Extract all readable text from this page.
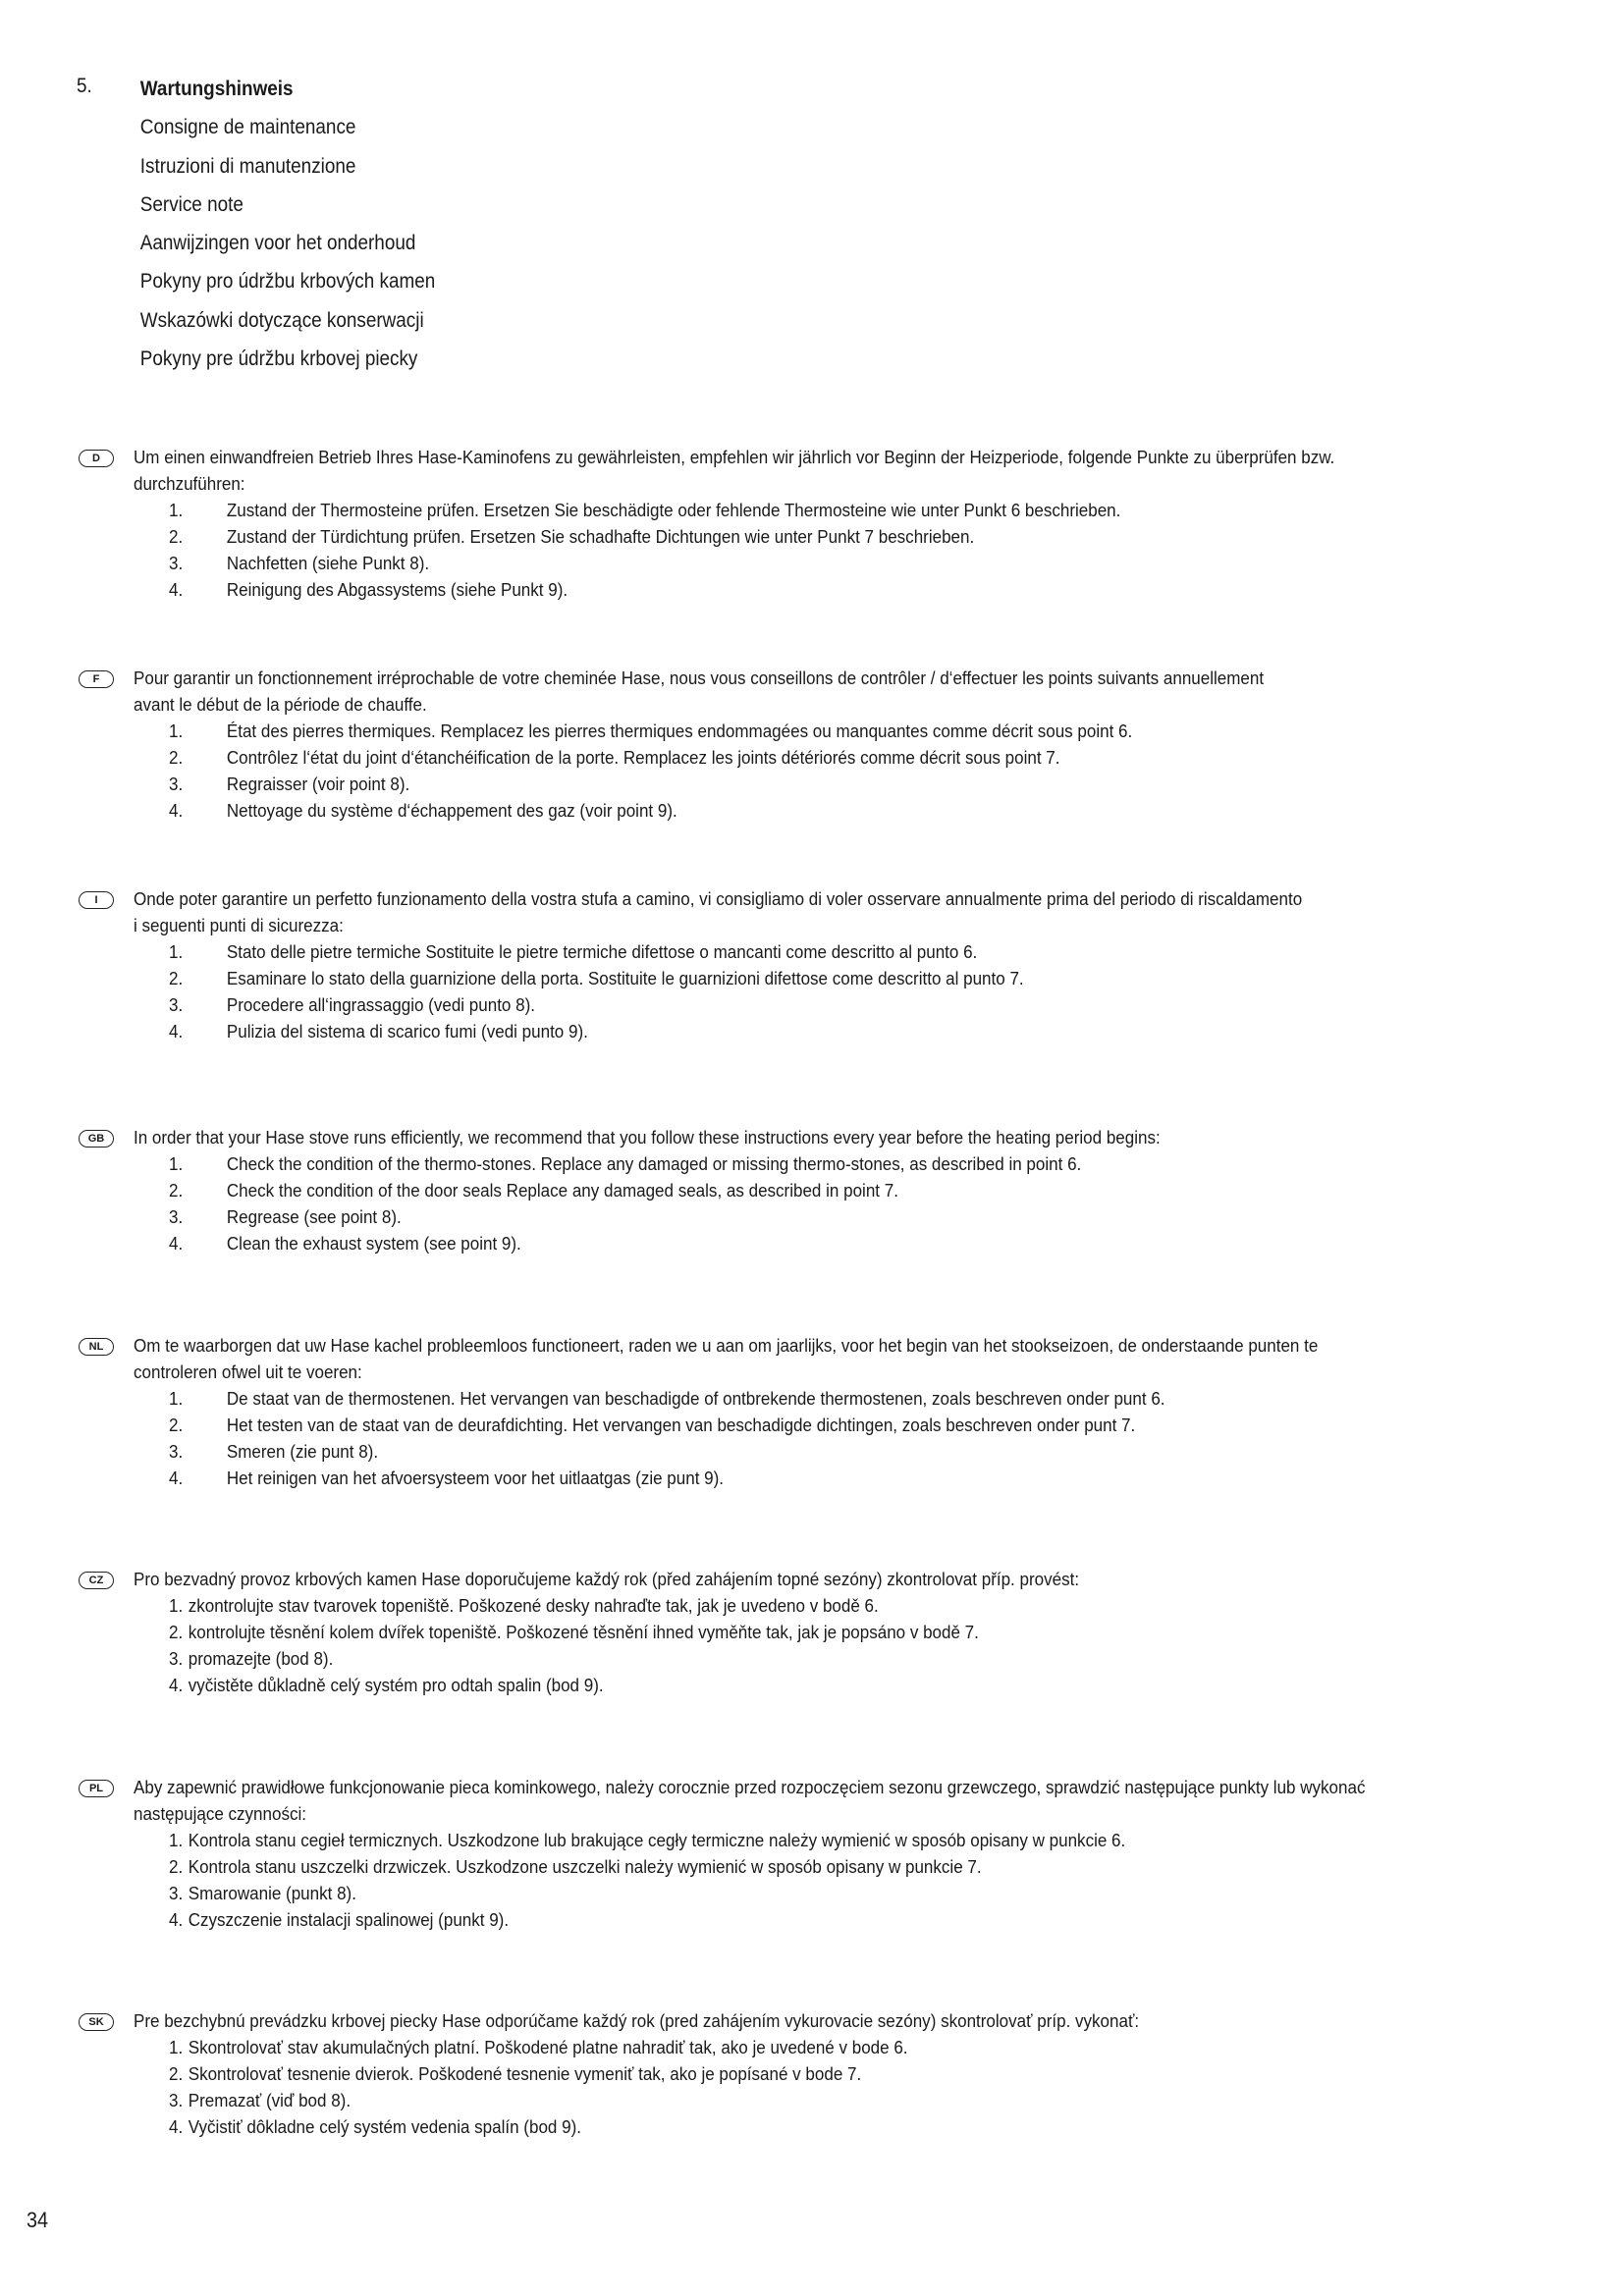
5. Wartungshinweis
Consigne de maintenance
Istruzioni di manutenzione
Service note
Aanwijzingen voor het onderhoud
Pokyny pro údržbu krbových kamen
Wskazówki dotyczące konserwacji
Pokyny pre údržbu krbovej piecky
D	Um einen einwandfreien Betrieb Ihres Hase-Kaminofens zu gewährleisten, empfehlen wir jährlich vor Beginn der Heizperiode, folgende Punkte zu überprüfen bzw.
durchzuführen:
1. Zustand der Thermosteine prüfen. Ersetzen Sie beschädigte oder fehlende Thermosteine wie unter Punkt 6 beschrieben.
2. Zustand der Türdichtung prüfen. Ersetzen Sie schadhafte Dichtungen wie unter Punkt 7 beschrieben.
3. Nachfetten (siehe Punkt 8).
4. Reinigung des Abgassystems (siehe Punkt 9).
F	Pour garantir un fonctionnement irréprochable de votre cheminée Hase, nous vous conseillons de contrôler / d‘effectuer les points suivants annuellement
avant le début de la période de chauffe.
1. État des pierres thermiques. Remplacez les pierres thermiques endommagées ou manquantes comme décrit sous point 6.
2. Contrôlez l‘état du joint d‘étanchéification de la porte. Remplacez les joints détériorés comme décrit sous point 7.
3. Regraisser (voir point 8).
4. Nettoyage du système d‘échappement des gaz (voir point 9).
I	Onde poter garantire un perfetto funzionamento della vostra stufa a camino, vi consigliamo di voler osservare annualmente prima del periodo di riscaldamento
i seguenti punti di sicurezza:
1. Stato delle pietre termiche Sostituite le pietre termiche difettose o mancanti come descritto al punto 6.
2. Esaminare lo stato della guarnizione della porta. Sostituite le guarnizioni difettose come descritto al punto 7.
3. Procedere all‘ingrassaggio (vedi punto 8).
4. Pulizia del sistema di scarico fumi (vedi punto 9).
GB	In order that your Hase stove runs efficiently, we recommend that you follow these instructions every year before the heating period begins:
1. Check the condition of the thermo-stones. Replace any damaged or missing thermo-stones, as described in point 6.
2. Check the condition of the door seals Replace any damaged seals, as described in point 7.
3. Regrease (see point 8).
4. Clean the exhaust system (see point 9).
NL	Om te waarborgen dat uw Hase kachel probleemloos functioneert, raden we u aan om jaarlijks, voor het begin van het stookseizoen, de onderstaande punten te
controleren ofwel uit te voeren:
1. De staat van de thermostenen. Het vervangen van beschadigde of ontbrekende thermostenen, zoals beschreven onder punt 6.
2. Het testen van de staat van de deurafdichting. Het vervangen van beschadigde dichtingen, zoals beschreven onder punt 7.
3. Smeren (zie punt 8).
4. Het reinigen van het afvoersysteem voor het uitlaatgas (zie punt 9).
CZ	Pro bezvadný provoz krbových kamen Hase doporučujeme každý rok (před zahájením topné sezóny) zkontrolovat příp. provést:
1. zkontrolujte stav tvarovek topeniště. Poškozené desky nahraďte tak, jak je uvedeno v bodě 6.
2. kontrolujte těsnění kolem dvířek topeniště. Poškozené těsnění ihned vyměňte tak, jak je popsáno v bodě 7.
3. promazejte (bod 8).
4. vyčistěte důkladně celý systém pro odtah spalin (bod 9).
PL	Aby zapewnić prawidłowe funkcjonowanie pieca kominkowego, należy corocznie przed rozpoczęciem sezonu grzewczego, sprawdzić następujące punkty lub wykonać
następujące czynności:
1. Kontrola stanu cegieł termicznych. Uszkodzone lub brakujące cegły termiczne należy wymienić w sposób opisany w punkcie 6.
2. Kontrola stanu uszczelki drzwiczek. Uszkodzone uszczelki należy wymienić w sposób opisany w punkcie 7.
3. Smarowanie (punkt 8).
4. Czyszczenie instalacji spalinowej (punkt 9).
SK	Pre bezchybnú prevádzku krbovej piecky Hase odporúčame každý rok (pred zahájením vykurovacie sezóny) skontrolovať príp. vykonať:
1. Skontrolovať stav akumulačných platní. Poškodené platne nahradiť tak, ako je uvedené v bode 6.
2. Skontrolovať tesnenie dvierok. Poškodené tesnenie vymeniť tak, ako je popísané v bode 7.
3. Premazať (viď bod 8).
4. Vyčistiť dôkladne celý systém vedenia spalín (bod 9).
34
